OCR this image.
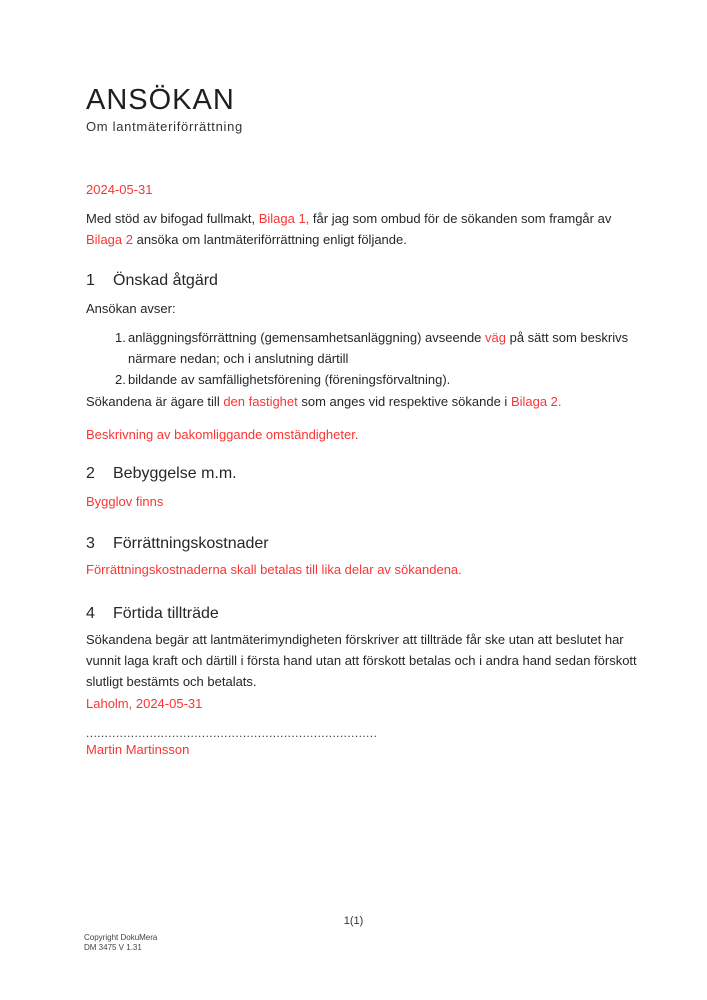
ANSÖKAN
Om lantmäteriförrättning
2024-05-31

Med stöd av bifogad fullmakt, Bilaga 1, får jag som ombud för de sökanden som framgår av Bilaga 2 ansöka om lantmäteriförrättning enligt följande.

1	Önskad åtgärd
Ansökan avser:
1. anläggningsförrättning (gemensamhetsanläggning) avseende väg på sätt som beskrivs närmare nedan; och i anslutning därtill
2. bildande av samfällighetsförening (föreningsförvaltning).

Sökandena är ägare till den fastighet som anges vid respektive sökande i Bilaga 2.

Beskrivning av bakomliggande omständigheter.
2	Bebyggelse m.m.
Bygglov finns
3	Förrättningskostnader
Förrättningskostnaderna skall betalas till lika delar av sökandena.
4	Förtida tillträde

Sökandena begär att lantmäterimyndigheten förskriver att tillträde får ske utan att beslutet har vunnit laga kraft och därtill i första hand utan att förskott betalas och i andra hand sedan förskott slutligt bestämts och betalats.

Laholm, 2024-05-31
..............................................................................
Martin Martinsson
1(1)
Copyright DokuMera
DM 3475 V 1.31
